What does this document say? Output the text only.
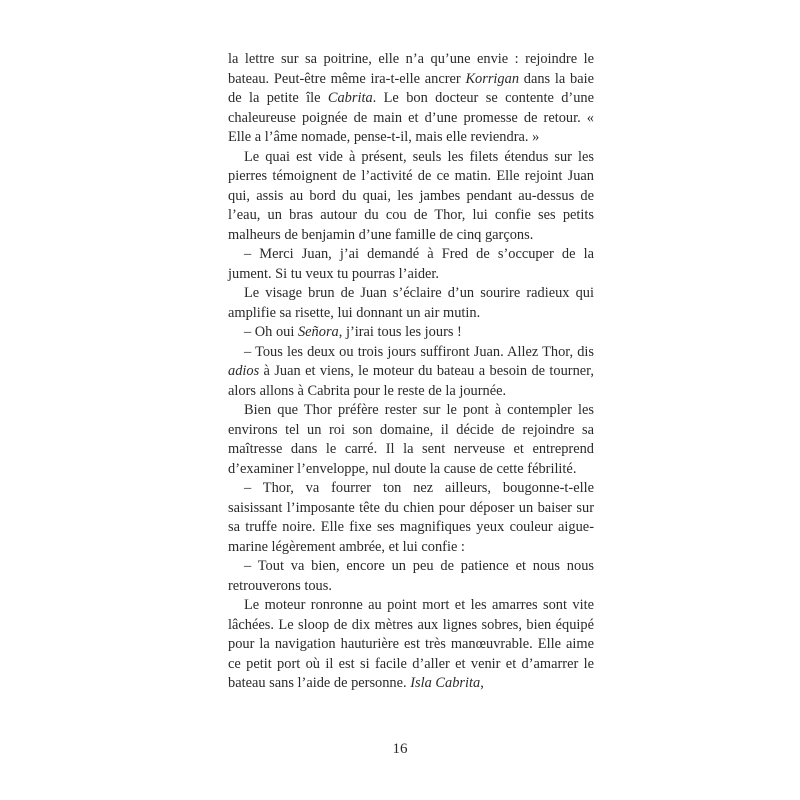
la lettre sur sa poitrine, elle n’a qu’une envie : rejoindre le bateau. Peut-être même ira-t-elle ancrer Korrigan dans la baie de la petite île Cabrita. Le bon docteur se contente d’une chaleureuse poignée de main et d’une promesse de retour. « Elle a l’âme nomade, pense-t-il, mais elle reviendra. »

Le quai est vide à présent, seuls les filets étendus sur les pierres témoignent de l’activité de ce matin. Elle rejoint Juan qui, assis au bord du quai, les jambes pendant au-dessus de l’eau, un bras autour du cou de Thor, lui confie ses petits malheurs de benjamin d’une famille de cinq garçons.

– Merci Juan, j’ai demandé à Fred de s’occuper de la jument. Si tu veux tu pourras l’aider.

Le visage brun de Juan s’éclaire d’un sourire radieux qui amplifie sa risette, lui donnant un air mutin.

– Oh oui Señora, j’irai tous les jours !

– Tous les deux ou trois jours suffiront Juan. Allez Thor, dis adios à Juan et viens, le moteur du bateau a besoin de tourner, alors allons à Cabrita pour le reste de la journée.

Bien que Thor préfère rester sur le pont à contempler les environs tel un roi son domaine, il décide de rejoindre sa maîtresse dans le carré. Il la sent nerveuse et entreprend d’examiner l’enveloppe, nul doute la cause de cette fébrilité.

– Thor, va fourrer ton nez ailleurs, bougonne-t-elle saisissant l’imposante tête du chien pour déposer un baiser sur sa truffe noire. Elle fixe ses magnifiques yeux couleur aigue-marine légèrement ambrée, et lui confie :

– Tout va bien, encore un peu de patience et nous nous retrouverons tous.

Le moteur ronronne au point mort et les amarres sont vite lâchées. Le sloop de dix mètres aux lignes sobres, bien équipé pour la navigation hauturière est très manœuvrable. Elle aime ce petit port où il est si facile d’aller et venir et d’amarrer le bateau sans l’aide de personne. Isla Cabrita,

16
